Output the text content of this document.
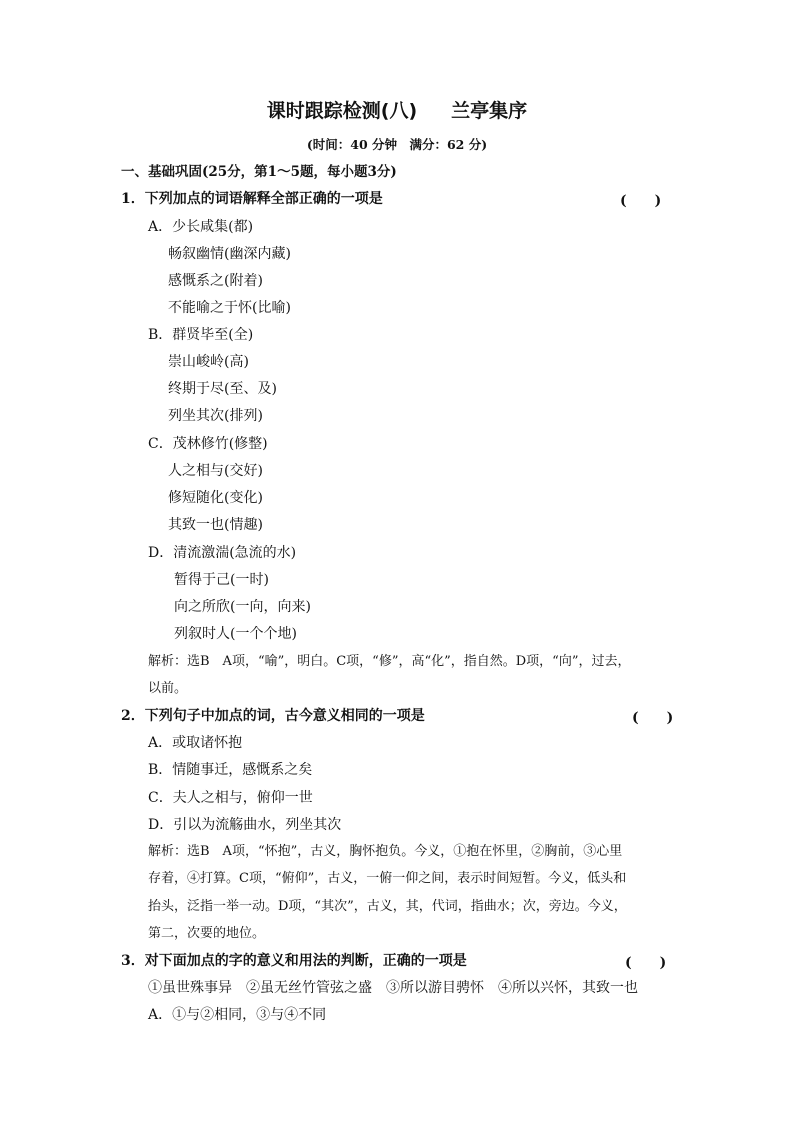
课时跟踪检测(八) 兰亭集序
(时间：40 分钟　满分：62 分)
一、基础巩固(25分，第1～5题，每小题3分)
1．下列加点的词语解释全部正确的一项是	(　　)
A．少长咸集(都)
畅叙幽情(幽深内藏)
感慨系之(附着)
不能喻之于怀(比喻)
B．群贤毕至(全)
崇山峻岭(高)
终期于尽(至、及)
列坐其次(排列)
C．茂林修竹(修整)
人之相与(交好)
修短随化(变化)
其致一也(情趣)
D．清流激湍(急流的水)
暂得于己(一时)
向之所欣(一向，向来)
列叙时人(一个个地)
解析：选B　A项，“喻”，明白。C项，“修”，高“化”，指自然。D项，“向”，过去，
以前。
2．下列句子中加点的词，古今意义相同的一项是	(　　)
A．或取诸怀抱
B．情随事迁，感慨系之矣
C．夫人之相与，俯仰一世
D．引以为流觞曲水，列坐其次
解析：选B　A项，“怀抱”，古义，胸怀抱负。今义，①抱在怀里，②胸前，③心里
存着，④打算。C项，“俯仰”，古义，一俯一仰之间，表示时间短暂。今义，低头和
抬头，泛指一举一动。D项，“其次”，古义，其，代词，指曲水；次，旁边。今义，
第二，次要的地位。
3．对下面加点的字的意义和用法的判断，正确的一项是	(　　)
①虽世殊事异　②虽无丝竹管弦之盛　③所以游目骋怀　④所以兴怀，其致一也
A．①与②相同，③与④不同
